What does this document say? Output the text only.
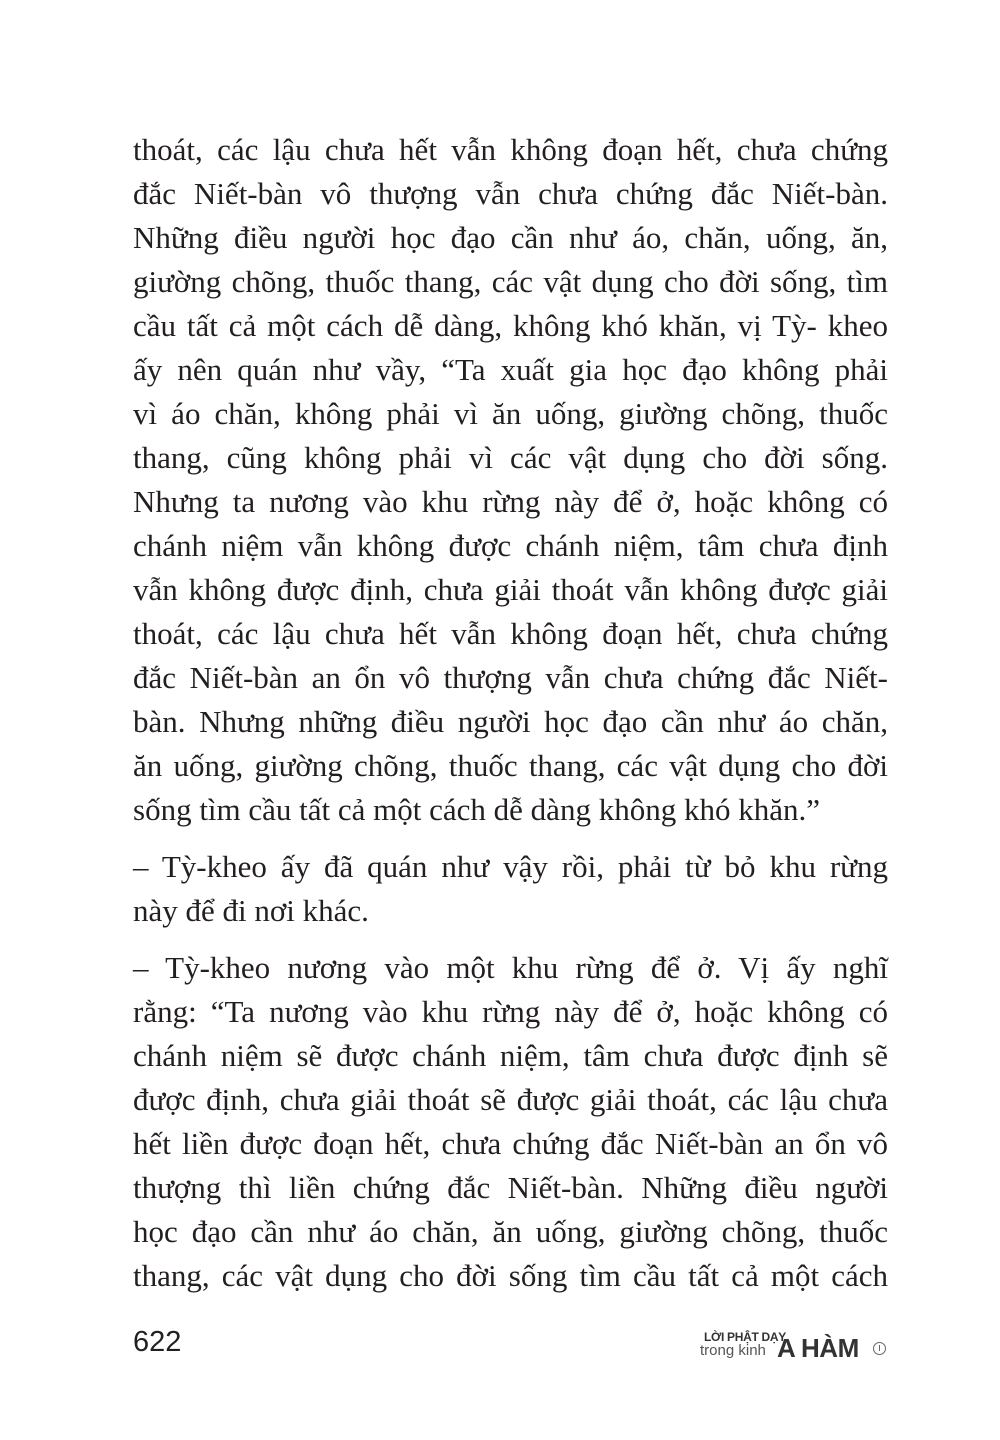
thoát, các lậu chưa hết vẫn không đoạn hết, chưa chứng
đắc Niết-bàn vô thượng vẫn chưa chứng đắc Niết-bàn.
Những điều người học đạo cần như áo, chăn, uống, ăn,
giường chõng, thuốc thang, các vật dụng cho đời sống, tìm
cầu tất cả một cách dễ dàng, không khó khăn, vị Tỳ- kheo
ấy nên quán như vầy, “Ta xuất gia học đạo không phải
vì áo chăn, không phải vì ăn uống, giường chõng, thuốc
thang, cũng không phải vì các vật dụng cho đời sống.
Nhưng ta nương vào khu rừng này để ở, hoặc không có
chánh niệm vẫn không được chánh niệm, tâm chưa định
vẫn không được định, chưa giải thoát vẫn không được giải
thoát, các lậu chưa hết vẫn không đoạn hết, chưa chứng
đắc Niết-bàn an ổn vô thượng vẫn chưa chứng đắc Niết-
bàn. Nhưng những điều người học đạo cần như áo chăn,
ăn uống, giường chõng, thuốc thang, các vật dụng cho đời
sống tìm cầu tất cả một cách dễ dàng không khó khăn.”
– Tỳ-kheo ấy đã quán như vậy rồi, phải từ bỏ khu rừng
này để đi nơi khác.
– Tỳ-kheo nương vào một khu rừng để ở. Vị ấy nghĩ
rằng: “Ta nương vào khu rừng này để ở, hoặc không có
chánh niệm sẽ được chánh niệm, tâm chưa được định sẽ
được định, chưa giải thoát sẽ được giải thoát, các lậu chưa
hết liền được đoạn hết, chưa chứng đắc Niết-bàn an ổn vô
thượng thì liền chứng đắc Niết-bàn. Những điều người
học đạo cần như áo chăn, ăn uống, giường chõng, thuốc
thang, các vật dụng cho đời sống tìm cầu tất cả một cách
622	LỜI PHẬT DẠY
trong kinh A HÀM	I
